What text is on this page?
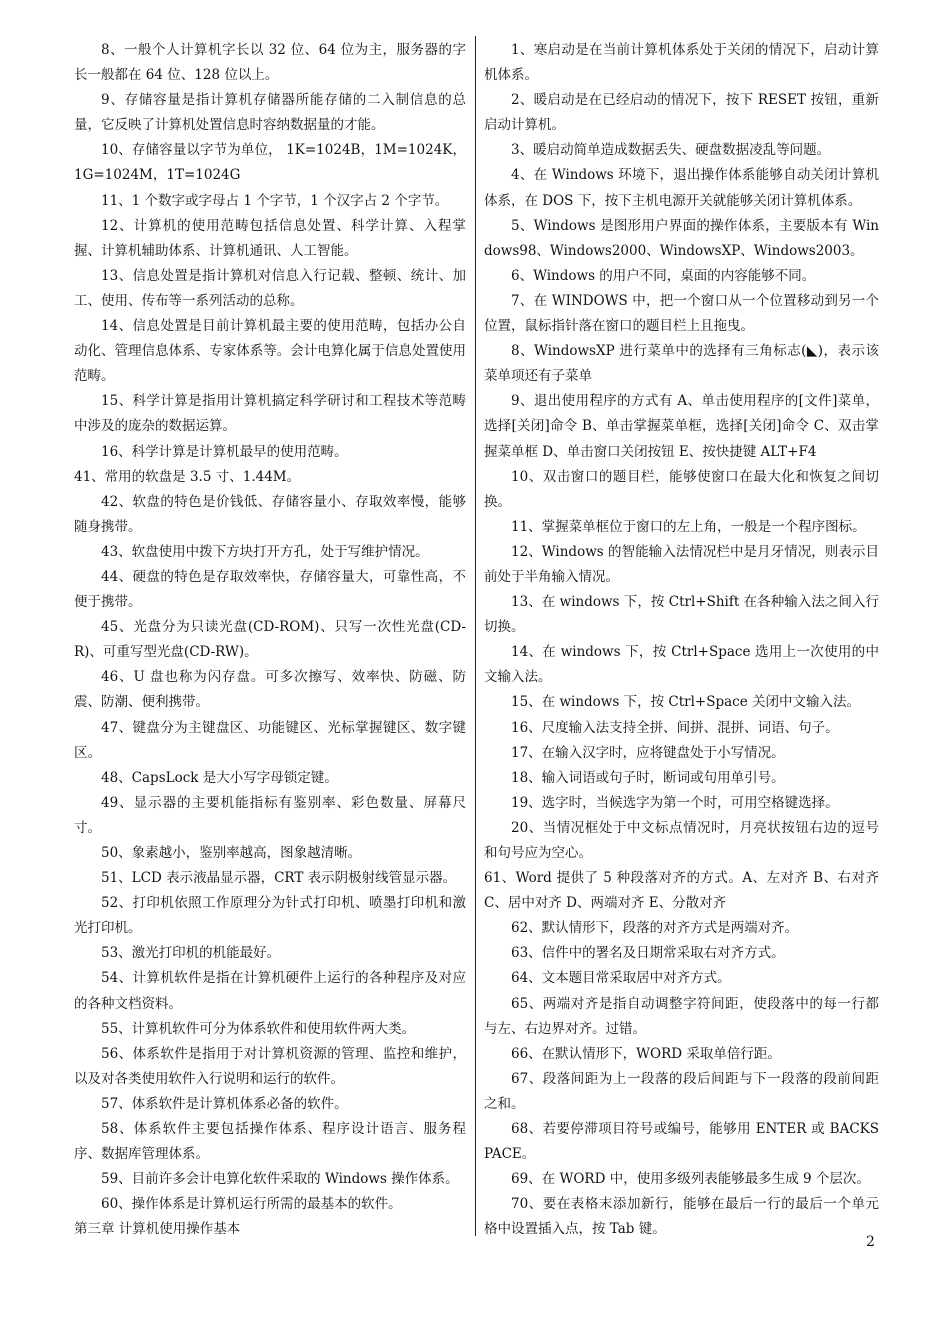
8、一般个人计算机字长以 32 位、64 位为主，服务器的字长一般都在 64 位、128 位以上。

9、存储容量是指计算机存储器所能存储的二入制信息的总量，它反映了计算机处置信息时容纳数据量的才能。

10、存储容量以字节为单位， 1K=1024B，1M=1024K，1G=1024M，1T=1024G

11、1 个数字或字母占 1 个字节，1 个汉字占 2 个字节。

12、计算机的使用范畴包括信息处置、科学计算、入程掌握、计算机辅助体系、计算机通讯、人工智能。

13、信息处置是指计算机对信息入行记载、整顿、统计、加工、使用、传布等一系列活动的总称。

14、信息处置是目前计算机最主要的使用范畴，包括办公自动化、管理信息体系、专家体系等。会计电算化属于信息处置使用范畴。

15、科学计算是指用计算机搞定科学研讨和工程技术等范畴中涉及的庞杂的数据运算。

16、科学计算是计算机最早的使用范畴。

41、常用的软盘是 3.5 寸、1.44M。

42、软盘的特色是价钱低、存储容量小、存取效率慢，能够随身携带。

43、软盘使用中拨下方块打开方孔，处于写维护情况。

44、硬盘的特色是存取效率快，存储容量大，可靠性高，不便于携带。

45、光盘分为只读光盘(CD-ROM)、只写一次性光盘(CD-R)、可重写型光盘(CD-RW)。

46、U 盘也称为闪存盘。可多次擦写、效率快、防磁、防震、防潮、便利携带。

47、键盘分为主键盘区、功能键区、光标掌握键区、数字键区。

48、CapsLock 是大小写字母锁定键。

49、显示器的主要机能指标有鉴别率、彩色数量、屏幕尺寸。

50、象素越小，鉴别率越高，图象越清晰。

51、LCD 表示液晶显示器，CRT 表示阴极射线管显示器。

52、打印机依照工作原理分为针式打印机、喷墨打印机和激光打印机。

53、激光打印机的机能最好。

54、计算机软件是指在计算机硬件上运行的各种程序及对应的各种文档资料。

55、计算机软件可分为体系软件和使用软件两大类。

56、体系软件是指用于对计算机资源的管理、监控和维护，以及对各类使用软件入行说明和运行的软件。

57、体系软件是计算机体系必备的软件。

58、体系软件主要包括操作体系、程序设计语言、服务程序、数据库管理体系。

59、目前许多会计电算化软件采取的 Windows 操作体系。

60、操作体系是计算机运行所需的最基本的软件。

第三章 计算机使用操作基本

1、寒启动是在当前计算机体系处于关闭的情况下，启动计算机体系。

2、暖启动是在已经启动的情况下，按下 RESET 按钮，重新启动计算机。

3、暖启动简单造成数据丢失、硬盘数据凌乱等问题。

4、在 Windows 环境下，退出操作体系能够自动关闭计算机体系，在 DOS 下，按下主机电源开关就能够关闭计算机体系。

5、Windows 是图形用户界面的操作体系，主要版本有 Windows98、Windows2000、WindowsXP、Windows2003。

6、Windows 的用户不同，桌面的内容能够不同。

7、在 WINDOWS 中，把一个窗口从一个位置移动到另一个位置，鼠标指针落在窗口的题目栏上且拖曳。

8、WindowsXP 进行菜单中的选择有三角标志(◣)，表示该菜单项还有子菜单

9、退出使用程序的方式有 A、单击使用程序的[文件]菜单，选择[关闭]命令 B、单击掌握菜单框，选择[关闭]命令 C、双击掌握菜单框 D、单击窗口关闭按钮 E、按快捷键 ALT+F4

10、双击窗口的题目栏，能够使窗口在最大化和恢复之间切换。

11、掌握菜单框位于窗口的左上角，一般是一个程序图标。

12、Windows 的智能输入法情况栏中是月牙情况，则表示目前处于半角输入情况。

13、在 windows 下，按 Ctrl+Shift 在各种输入法之间入行切换。

14、在 windows 下，按 Ctrl+Space 选用上一次使用的中文输入法。

15、在 windows 下，按 Ctrl+Space 关闭中文输入法。

16、尺度输入法支持全拼、间拼、混拼、词语、句子。

17、在输入汉字时，应将键盘处于小写情况。

18、输入词语或句子时，断词或句用单引号。

19、选字时，当候选字为第一个时，可用空格键选择。

20、当情况框处于中文标点情况时，月亮状按钮右边的逗号和句号应为空心。

61、Word 提供了 5 种段落对齐的方式。A、左对齐 B、右对齐 C、居中对齐 D、两端对齐 E、分散对齐

62、默认情形下，段落的对齐方式是两端对齐。

63、信件中的署名及日期常采取右对齐方式。

64、文本题目常采取居中对齐方式。

65、两端对齐是指自动调整字符间距，使段落中的每一行都与左、右边界对齐。过错。

66、在默认情形下，WORD 采取单倍行距。

67、段落间距为上一段落的段后间距与下一段落的段前间距之和。

68、若要停滞项目符号或编号，能够用 ENTER 或 BACKSPACE。

69、在 WORD 中，使用多级列表能够最多生成 9 个层次。

70、要在表格末添加新行，能够在最后一行的最后一个单元格中设置插入点，按 Tab 键。

2
